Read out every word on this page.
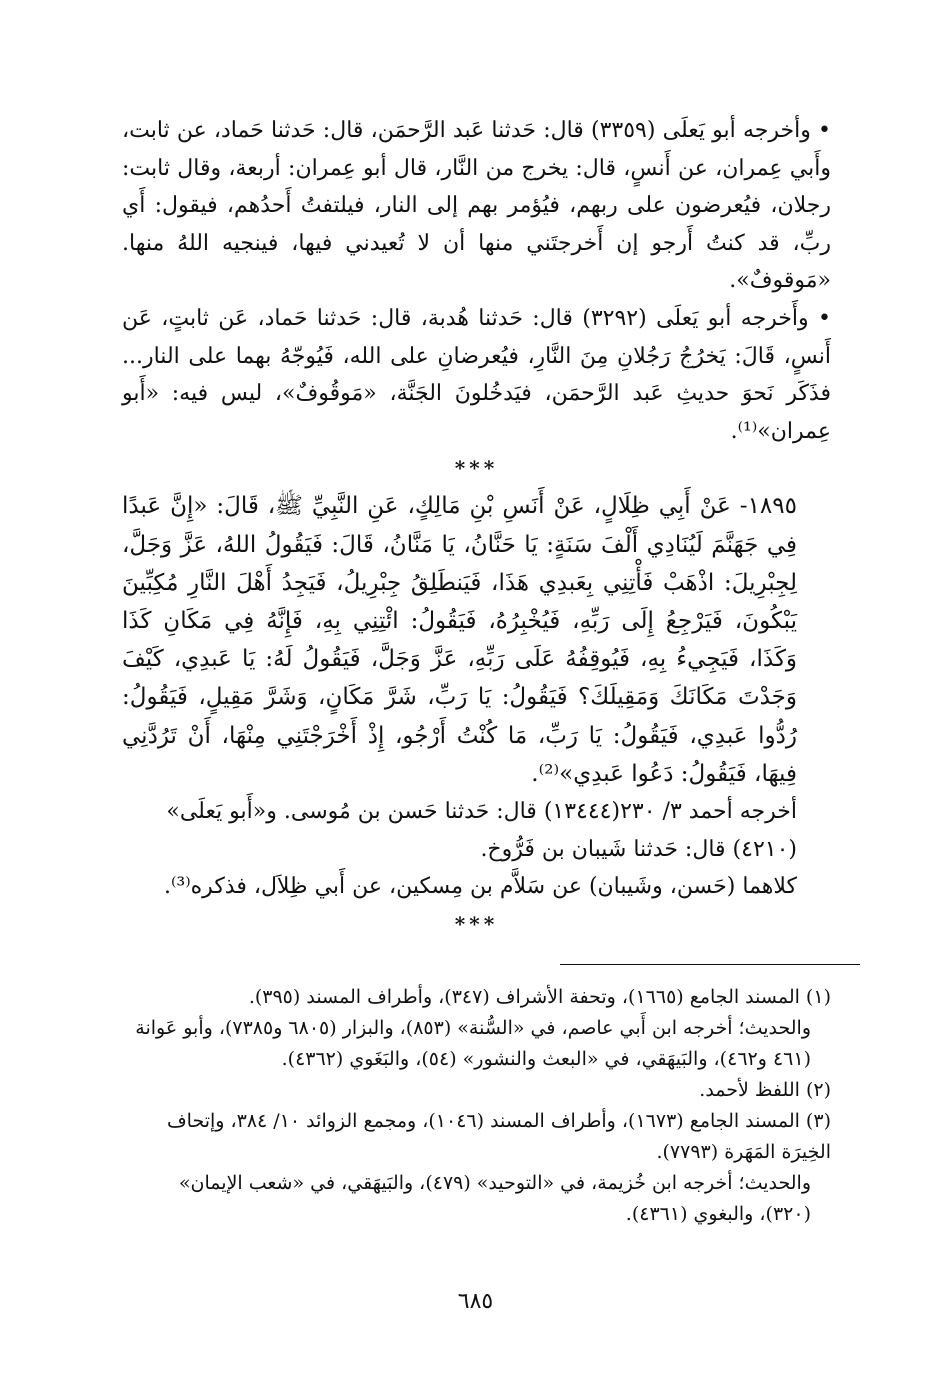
• وأخرجه أبو يَعلَى (٣٣٥٩) قال: حَدثنا عَبد الرَّحمَن، قال: حَدثنا حَماد، عن ثابت، وأَبي عِمران، عن أَنسٍ، قال: يخرج من النَّار، قال أبو عِمران: أربعة، وقال ثابت: رجلان، فيُعرضون على ربهم، فيُؤمر بهم إلى النار، فيلتفتُ أَحدُهم، فيقول: أَي ربِّ، قد كنتُ أَرجو إن أَخرجتَني منها أن لا تُعيدني فيها، فينجيه اللهُ منها. «مَوقوفٌ».

• وأَخرجه أبو يَعلَى (٣٢٩٢) قال: حَدثنا هُدبة، قال: حَدثنا حَماد، عَن ثابتٍ، عَن أَنسٍ، قَالَ: يَخرُجُ رَجُلانِ مِنَ النَّارِ، فيُعرضانِ على الله، فَيُوجّهُ بهما على النار... فذَكَر نَحوَ حديثِ عَبد الرَّحمَن، فيَدخُلونَ الجَنَّة، «مَوقُوفٌ»، ليس فيه: «أَبو عِمران»⁽¹⁾.

***

١٨٩٥- عَنْ أَبِي ظِلَالٍ، عَنْ أَنَسِ بْنِ مَالِكٍ، عَنِ النَّبِيِّ ﷺ، قَالَ: «إِنَّ عَبدًا فِي جَهَنَّمَ لَيُنَادِي أَلْفَ سَنَةٍ: يَا حَنَّانُ، يَا مَنَّانُ، قَالَ: فَيَقُولُ اللهُ، عَزَّ وَجَلَّ، لِجِبْرِيلَ: اذْهَبْ فَأْتِنِي بِعَبدِي هَذَا، فَيَنطَلِقُ جِبْرِيلُ، فَيَجِدُ أَهْلَ النَّارِ مُكِبِّينَ يَبْكُونَ، فَيَرْجِعُ إِلَى رَبِّهِ، فَيُخْبِرُهُ، فَيَقُولُ: ائْتِنِي بِهِ، فَإِنَّهُ فِي مَكَانِ كَذَا وَكَذَا، فَيَجِيءُ بِهِ، فَيُوقِفُهُ عَلَى رَبِّهِ، عَزَّ وَجَلَّ، فَيَقُولُ لَهُ: يَا عَبدِي، كَيْفَ وَجَدْتَ مَكَانَكَ وَمَقِيلَكَ؟ فَيَقُولُ: يَا رَبِّ، شَرَّ مَكَانٍ، وَشَرَّ مَقِيلٍ، فَيَقُولُ: رُدُّوا عَبدِي، فَيَقُولُ: يَا رَبِّ، مَا كُنْتُ أَرْجُو، إِذْ أَخْرَجْتَنِي مِنْهَا، أَنْ تَرُدَّنِي فِيهَا، فَيَقُولُ: دَعُوا عَبدِي»⁽²⁾.

أخرجه أحمد ٣/ ٢٣٠(١٣٤٤٤) قال: حَدثنا حَسن بن مُوسى. و«أَبو يَعلَى» (٤٢١٠) قال: حَدثنا شَيبان بن فَرُّوخ.

كلاهما (حَسن، وشَيبان) عن سَلاَّم بن مِسكين، عن أَبي ظِلاَل، فذكره⁽³⁾.

***

(١) المسند الجامع (١٦٦٥)، وتحفة الأشراف (٣٤٧)، وأطراف المسند (٣٩٥).

والحديث؛ أخرجه ابن أَبي عاصم، في «السُّنة» (٨٥٣)، والبزار (٦٨٠٥ و٧٣٨٥)، وأبو عَوانة (٤٦١ و٤٦٢)، والبَيهَقي، في «البعث والنشور» (٥٤)، والبَغَوي (٤٣٦٢).

(٢) اللفظ لأحمد.

(٣) المسند الجامع (١٦٧٣)، وأطراف المسند (١٠٤٦)، ومجمع الزوائد ١٠/ ٣٨٤، وإتحاف الخِيرَة المَهَرة (٧٧٩٣).

والحديث؛ أخرجه ابن خُزيمة، في «التوحيد» (٤٧٩)، والبَيهَقي، في «شعب الإيمان» (٣٢٠)، والبغوي (٤٣٦١).

٦٨٥
